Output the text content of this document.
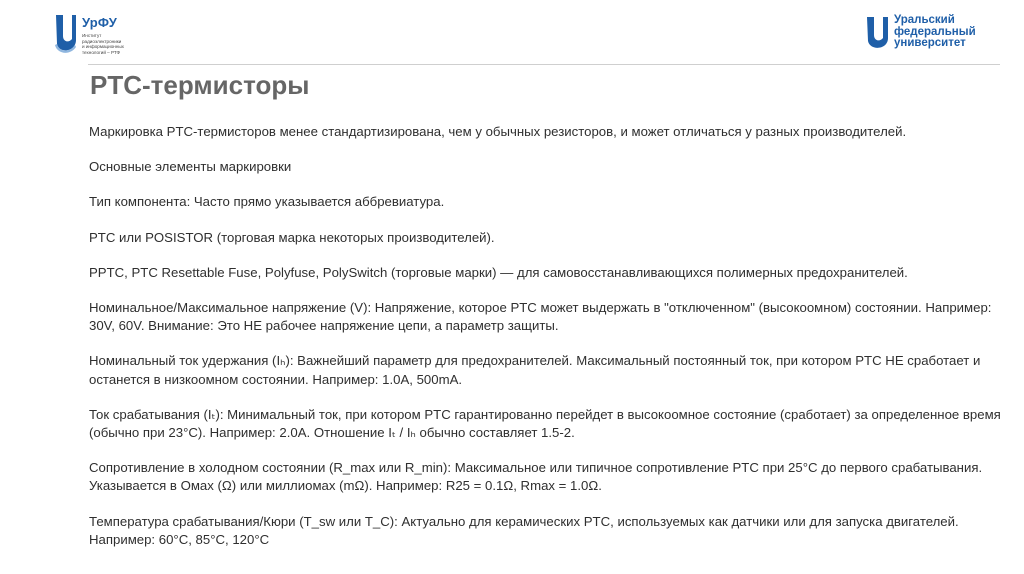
УрФУ
Институт
радиоэлектроники
и информационных
технологий – РТФ
Уральский
федеральный
университет
PTC-термисторы

Маркировка PTC-термисторов менее стандартизирована, чем у обычных резисторов, и может отличаться у разных производителей.

Основные элементы маркировки

Тип компонента: Часто прямо указывается аббревиатура.

PTC или POSISTOR (торговая марка некоторых производителей).

PPTC, PTC Resettable Fuse, Polyfuse, PolySwitch (торговые марки) — для самовосстанавливающихся полимерных предохранителей.

Номинальное/Максимальное напряжение (V): Напряжение, которое PTC может выдержать в "отключенном" (высокоомном) состоянии. Например: 30V, 60V. Внимание: Это НЕ рабочее напряжение цепи, а параметр защиты.

Номинальный ток удержания (Iₕ): Важнейший параметр для предохранителей. Максимальный постоянный ток, при котором PTC НЕ сработает и останется в низкоомном состоянии. Например: 1.0A, 500mA.

Ток срабатывания (Iₜ): Минимальный ток, при котором PTC гарантированно перейдет в высокоомное состояние (сработает) за определенное время (обычно при 23°C). Например: 2.0A. Отношение Iₜ / Iₕ обычно составляет 1.5-2.

Сопротивление в холодном состоянии (R_max или R_min): Максимальное или типичное сопротивление PTC при 25°C до первого срабатывания. Указывается в Омах (Ω) или миллиомах (mΩ). Например: R25 = 0.1Ω, Rmax = 1.0Ω.

Температура срабатывания/Кюри (T_sw или T_C): Актуально для керамических PTC, используемых как датчики или для запуска двигателей. Например: 60°C, 85°C, 120°C
